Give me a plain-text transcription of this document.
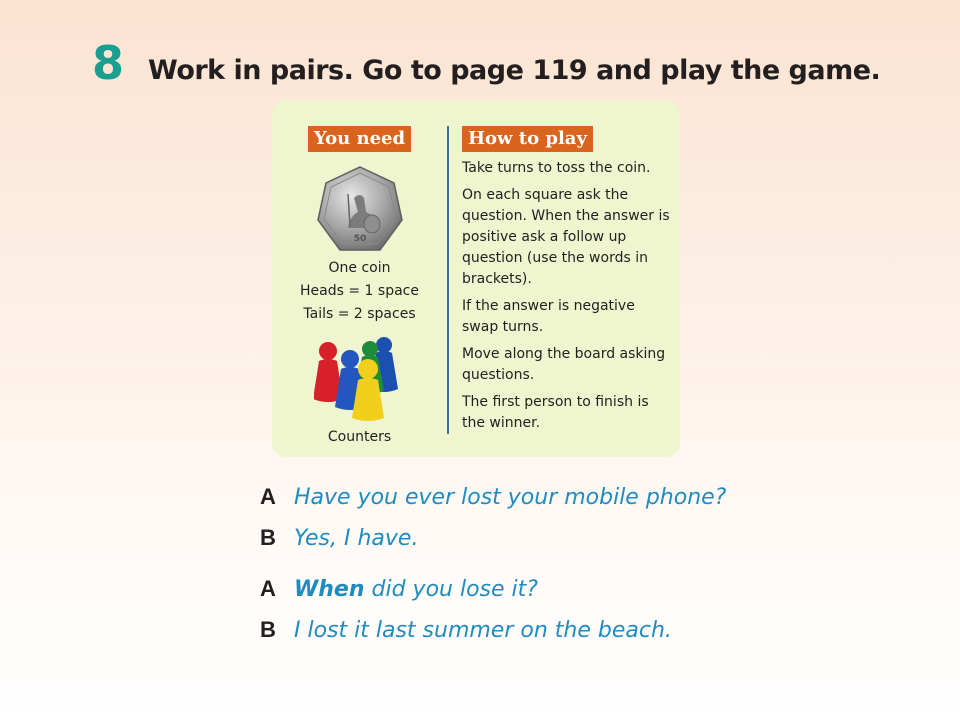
8 Work in pairs. Go to page 119 and play the game.
You need
50
One coin
Heads = 1 space
Tails = 2 spaces
Counters
How to play
Take turns to toss the coin.
On each square ask the question. When the answer is positive ask a follow up question (use the words in brackets).
If the answer is negative swap turns.
Move along the board asking questions.
The first person to finish is the winner.
A Have you ever lost your mobile phone?
B Yes, I have.
A When did you lose it?
B I lost it last summer on the beach.
